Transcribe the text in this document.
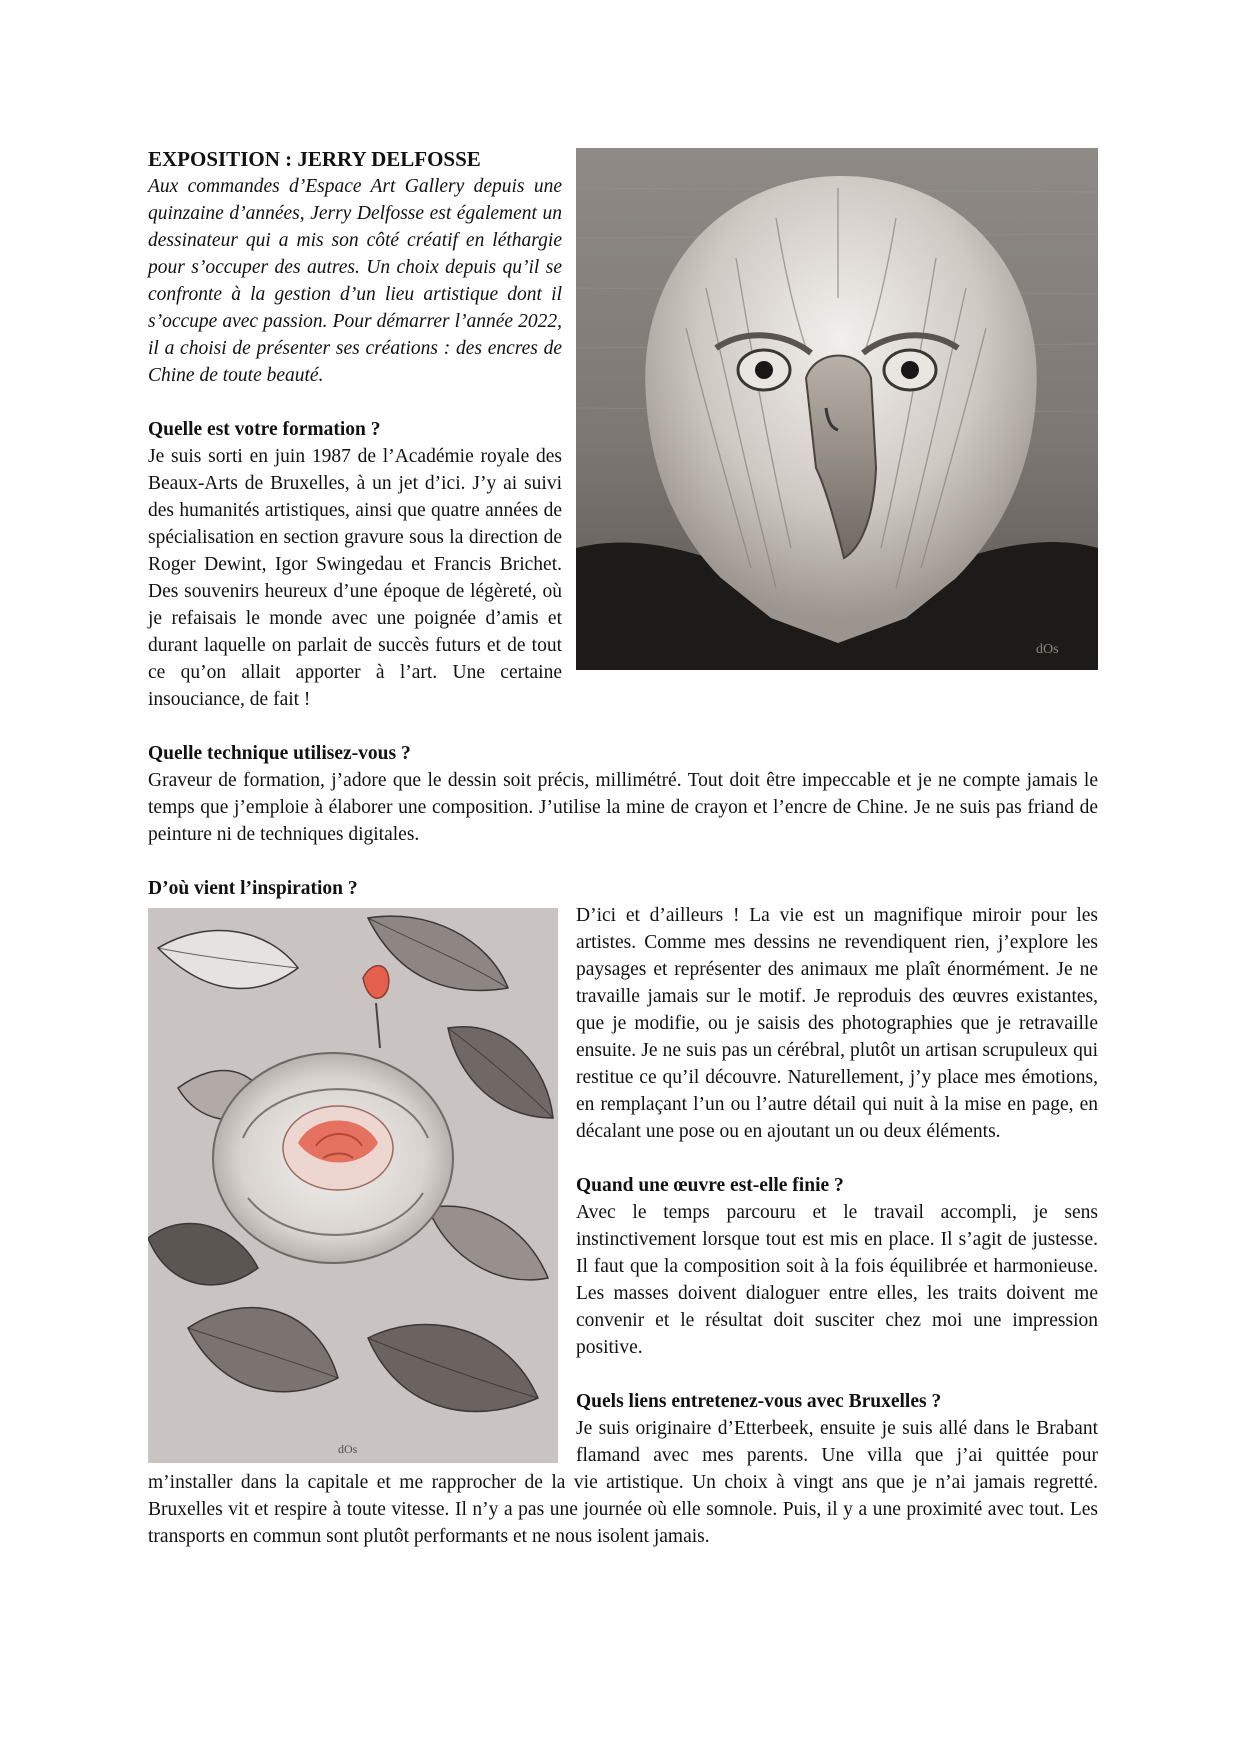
dOs
EXPOSITION : JERRY DELFOSSE

Aux commandes d’Espace Art Gallery depuis une quinzaine d’années, Jerry Delfosse est également un dessinateur qui a mis son côté créatif en léthargie pour s’occuper des autres. Un choix depuis qu’il se confronte à la gestion d’un lieu artistique dont il s’occupe avec passion. Pour démarrer l’année 2022, il a choisi de présenter ses créations : des encres de Chine de toute beauté.

Quelle est votre formation ?

Je suis sorti en juin 1987 de l’Académie royale des Beaux-Arts de Bruxelles, à un jet d’ici. J’y ai suivi des humanités artistiques, ainsi que quatre années de spécialisation en section gravure sous la direction de Roger Dewint, Igor Swingedau et Francis Brichet. Des souvenirs heureux d’une époque de légèreté, où je refaisais le monde avec une poignée d’amis et durant laquelle on parlait de succès futurs et de tout ce qu’on allait apporter à l’art. Une certaine insouciance, de fait !

Quelle technique utilisez-vous ?

Graveur de formation, j’adore que le dessin soit précis, millimétré. Tout doit être impeccable et je ne compte jamais le temps que j’emploie à élaborer une composition. J’utilise la mine de crayon et l’encre de Chine. Je ne suis pas friand de peinture ni de techniques digitales.

D’où vient l’inspiration ?

dOs

D’ici et d’ailleurs ! La vie est un magnifique miroir pour les artistes. Comme mes dessins ne revendiquent rien, j’explore les paysages et représenter des animaux me plaît énormément. Je ne travaille jamais sur le motif. Je reproduis des œuvres existantes, que je modifie, ou je saisis des photographies que je retravaille ensuite. Je ne suis pas un cérébral, plutôt un artisan scrupuleux qui restitue ce qu’il découvre. Naturellement, j’y place mes émotions, en remplaçant l’un ou l’autre détail qui nuit à la mise en page, en décalant une pose ou en ajoutant un ou deux éléments.

Quand une œuvre est-elle finie ?

Avec le temps parcouru et le travail accompli, je sens instinctivement lorsque tout est mis en place. Il s’agit de justesse. Il faut que la composition soit à la fois équilibrée et harmonieuse. Les masses doivent dialoguer entre elles, les traits doivent me convenir et le résultat doit susciter chez moi une impression positive.

Quels liens entretenez-vous avec Bruxelles ?

Je suis originaire d’Etterbeek, ensuite je suis allé dans le Brabant flamand avec mes parents. Une villa que j’ai quittée pour m’installer dans la capitale et me rapprocher de la vie artistique. Un choix à vingt ans que je n’ai jamais regretté. Bruxelles vit et respire à toute vitesse. Il n’y a pas une journée où elle somnole. Puis, il y a une proximité avec tout. Les transports en commun sont plutôt performants et ne nous isolent jamais.
